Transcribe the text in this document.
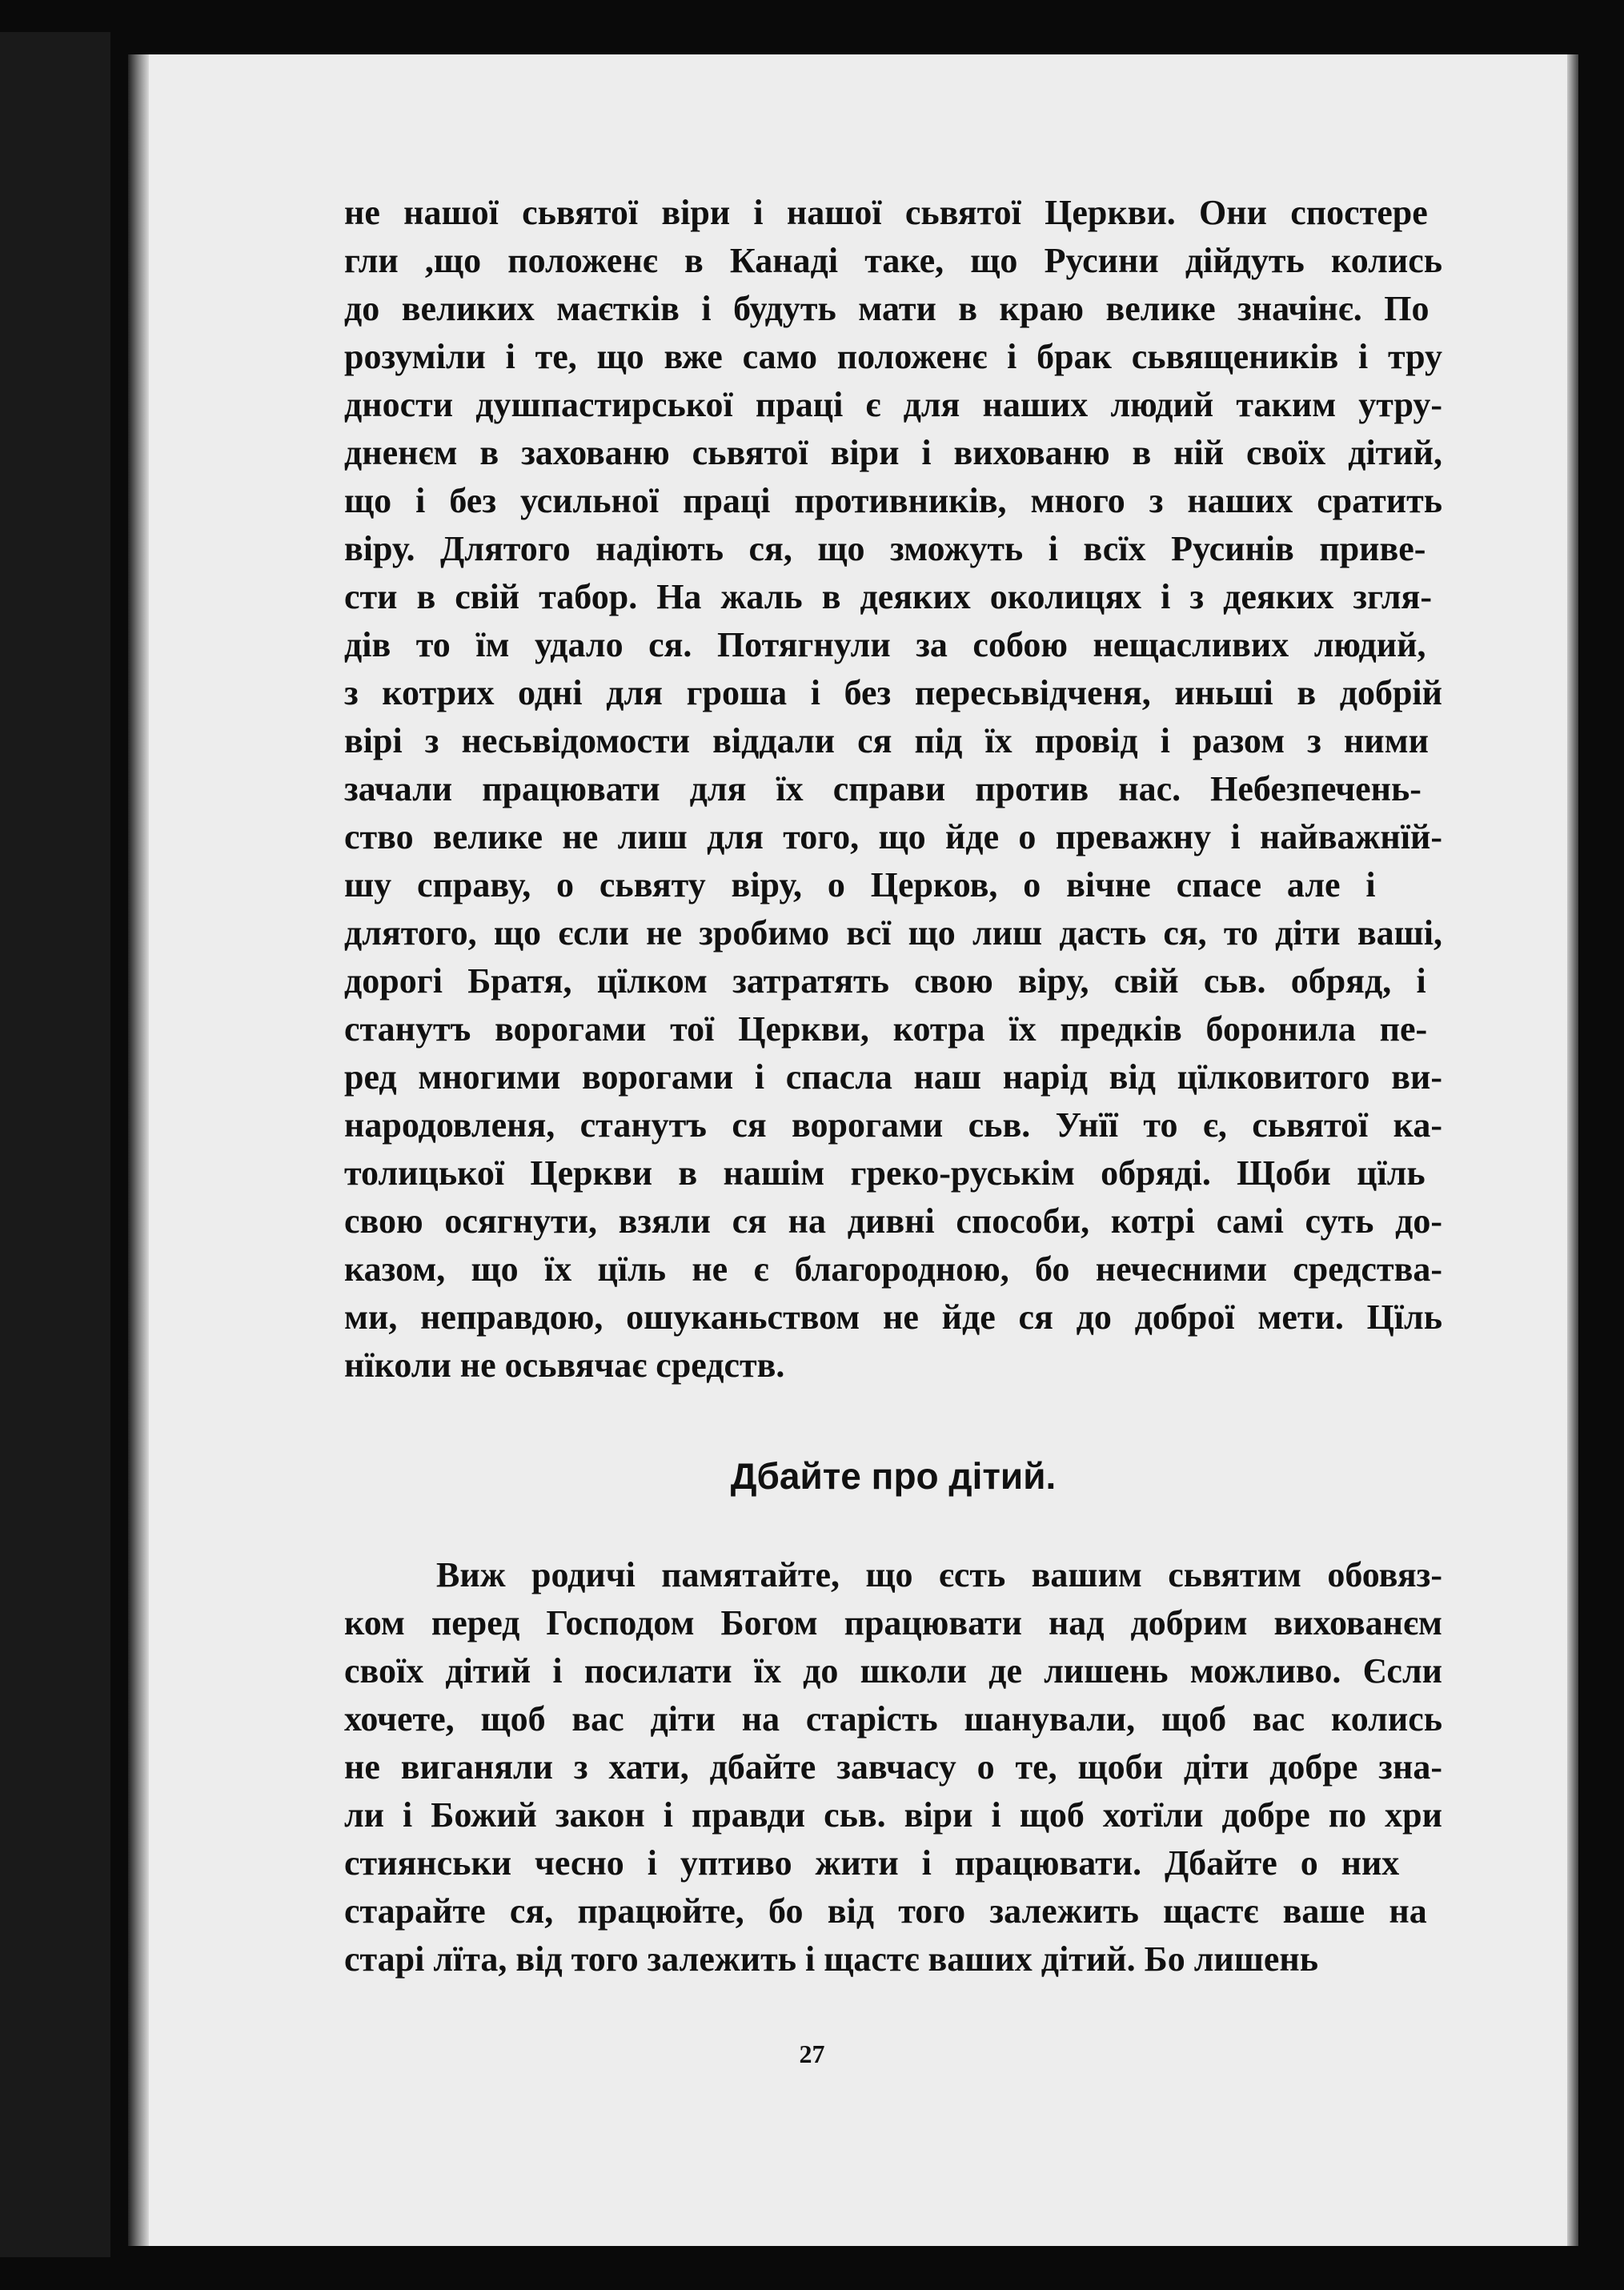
не нашої сьвятої віри і нашої сьвятої Церкви. Они спостере
гли ,що положенє в Канаді таке, що Русини дійдуть колись
до великих маєтків і будуть мати в краю велике значінє. По
розуміли і те, що вже само положенє і брак сьвящеників і тру
дности душпастирської праці є для наших людий таким утру-
дненєм в захованю сьвятої віри і вихованю в ній своїх дітий,
що і без усильної праці противників, много з наших сратить
віру. Длятого надіють ся, що зможуть і всїх Русинів приве-
сти в свій табор. На жаль в деяких околицях і з деяких згля-
дів то їм удало ся. Потягнули за собою нещасливих людий,
з котрих одні для гроша і без пересьвідченя, иньші в добрій
вірі з несьвідомости віддали ся під їх провід і разом з ними
зачали працювати для їх справи против нас. Небезпечень-
ство велике не лиш для того, що йде о преважну і найважнїй-
шу справу, о сьвяту віру, о Церков, о вічне спасе але і
длятого, що єсли не зробимо всї що лиш дасть ся, то діти ваші,
дорогі Братя, цїлком затратять свою віру, свій сьв. обряд, і
станутъ ворогами тої Церкви, котра їх предків боронила пе-
ред многими ворогами і спасла наш нарід від цїлковитого ви-
народовленя, станутъ ся ворогами сьв. Унїї то є, сьвятої ка-
толицької Церкви в нашім греко-руськім обряді. Щоби цїль
свою осягнути, взяли ся на дивні способи, котрі самі суть до-
казом, що їх цїль не є благородною, бо нечесними средства-
ми, неправдою, ошуканьством не йде ся до доброї мети. Цїль
нїколи не осьвячає средств.
Дбайте про дітий.
Виж родичі памятайте, що єсть вашим сьвятим обовяз-
ком перед Господом Богом працювати над добрим вихованєм
своїх дітий і посилати їх до школи де лишень можливо. Єсли
хочете, щоб вас діти на старість шанували, щоб вас колись
не виганяли з хати, дбайте завчасу о те, щоби діти добре зна-
ли і Божий закон і правди сьв. віри і щоб хотїли добре по хри
стиянськи чесно і уптиво жити і працювати. Дбайте о них
старайте ся, працюйте, бо від того залежить щастє ваше на
старі лїта, від того залежить і щастє ваших дітий. Бо лишень
27
